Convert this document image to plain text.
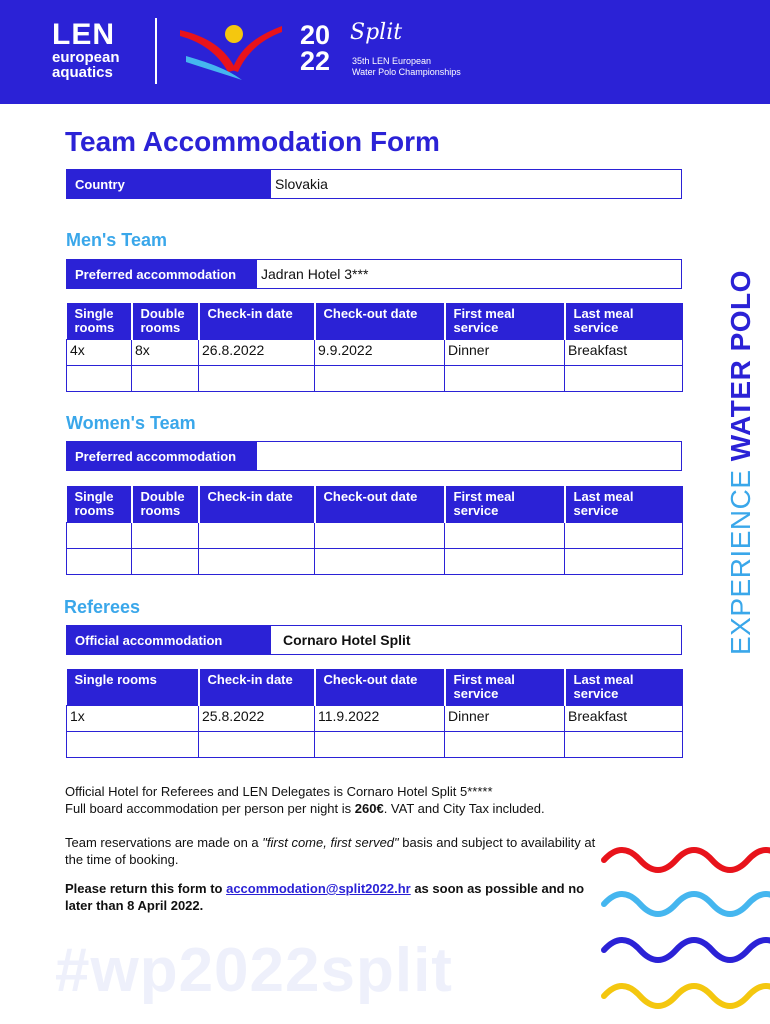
LEN
european
aquatics
20
22
Split
35th LEN European
Water Polo Championships
Team Accommodation Form
Country	Slovakia
Men's Team
Preferred accommodation	Jadran Hotel 3***
Single rooms	Double rooms	Check-in date	Check-out date	First meal service	Last meal service
4x	8x	26.8.2022	9.9.2022	Dinner	Breakfast

Women's Team
Preferred accommodation
Single rooms	Double rooms	Check-in date	Check-out date	First meal service	Last meal service

Referees
Official accommodation	Cornaro Hotel Split
Single rooms	Check-in date	Check-out date	First meal service	Last meal service
1x	25.8.2022	11.9.2022	Dinner	Breakfast

Official Hotel for Referees and LEN Delegates is Cornaro Hotel Split 5*****
Full board accommodation per person per night is 260€. VAT and City Tax included.
Team reservations are made on a "first come, first served" basis and subject to availability at the time of booking.
Please return this form to accommodation@split2022.hr as soon as possible and no later than 8 April 2022.
EXPERIENCE WATER POLO
#wp2022split
